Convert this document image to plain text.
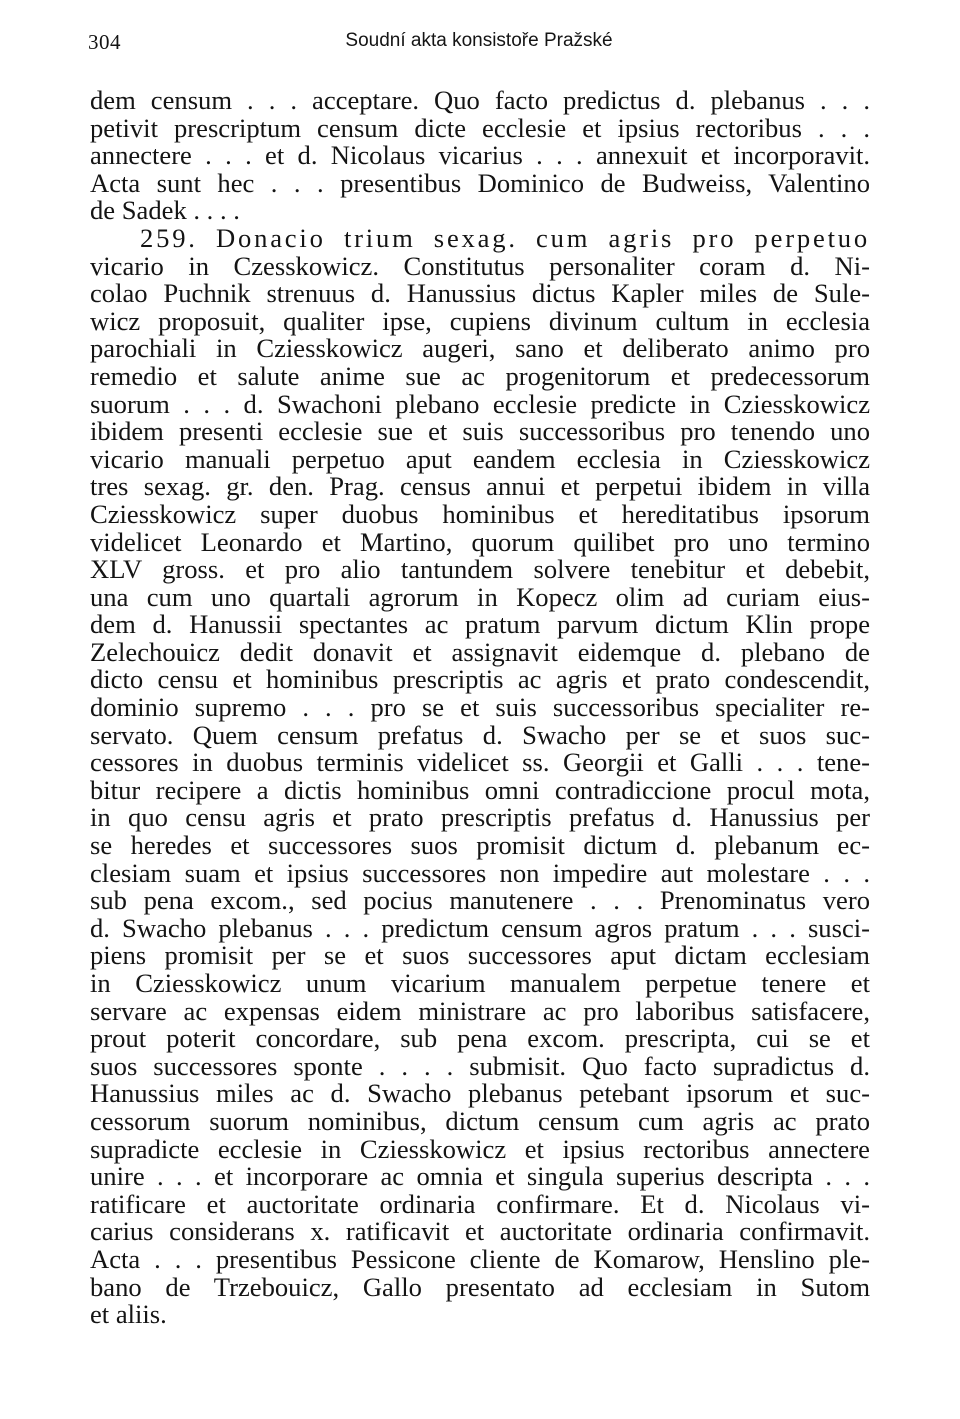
304	Soudní akta konsistoře Pražské
dem censum . . . acceptare. Quo facto predictus d. plebanus . . .
petivit prescriptum censum dicte ecclesie et ipsius rectoribus . . .
annectere . . . et d. Nicolaus vicarius . . . annexuit et incorporavit.
Acta sunt hec . . . presentibus Dominico de Budweiss, Valentino
de Sadek . . . .
259. Donacio trium sexag. cum agris pro perpetuo
vicario in Czesskowicz. Constitutus personaliter coram d. Ni-
colao Puchnik strenuus d. Hanussius dictus Kapler miles de Sule-
wicz proposuit, qualiter ipse, cupiens divinum cultum in ecclesia
parochiali in Cziesskowicz augeri, sano et deliberato animo pro
remedio et salute anime sue ac progenitorum et predecessorum
suorum . . . d. Swachoni plebano ecclesie predicte in Cziesskowicz
ibidem presenti ecclesie sue et suis successoribus pro tenendo uno
vicario manuali perpetuo aput eandem ecclesia in Cziesskowicz
tres sexag. gr. den. Prag. census annui et perpetui ibidem in villa
Cziesskowicz super duobus hominibus et hereditatibus ipsorum
videlicet Leonardo et Martino, quorum quilibet pro uno termino
XLV gross. et pro alio tantundem solvere tenebitur et debebit,
una cum uno quartali agrorum in Kopecz olim ad curiam eius-
dem d. Hanussii spectantes ac pratum parvum dictum Klin prope
Zelechouicz dedit donavit et assignavit eidemque d. plebano de
dicto censu et hominibus prescriptis ac agris et prato condescendit,
dominio supremo . . . pro se et suis successoribus specialiter re-
servato. Quem censum prefatus d. Swacho per se et suos suc-
cessores in duobus terminis videlicet ss. Georgii et Galli . . . tene-
bitur recipere a dictis hominibus omni contradiccione procul mota,
in quo censu agris et prato prescriptis prefatus d. Hanussius per
se heredes et successores suos promisit dictum d. plebanum ec-
clesiam suam et ipsius successores non impedire aut molestare . . .
sub pena excom., sed pocius manutenere . . . Prenominatus vero
d. Swacho plebanus . . . predictum censum agros pratum . . . susci-
piens promisit per se et suos successores aput dictam ecclesiam
in Cziesskowicz unum vicarium manualem perpetue tenere et
servare ac expensas eidem ministrare ac pro laboribus satisfacere,
prout poterit concordare, sub pena excom. prescripta, cui se et
suos successores sponte . . . . submisit. Quo facto supradictus d.
Hanussius miles ac d. Swacho plebanus petebant ipsorum et suc-
cessorum suorum nominibus, dictum censum cum agris ac prato
supradicte ecclesie in Cziesskowicz et ipsius rectoribus annectere
unire . . . et incorporare ac omnia et singula superius descripta . . .
ratificare et auctoritate ordinaria confirmare. Et d. Nicolaus vi-
carius considerans x. ratificavit et auctoritate ordinaria confirmavit.
Acta . . . presentibus Pessicone cliente de Komarow, Henslino ple-
bano de Trzebouicz, Gallo presentato ad ecclesiam in Sutom
et aliis.
